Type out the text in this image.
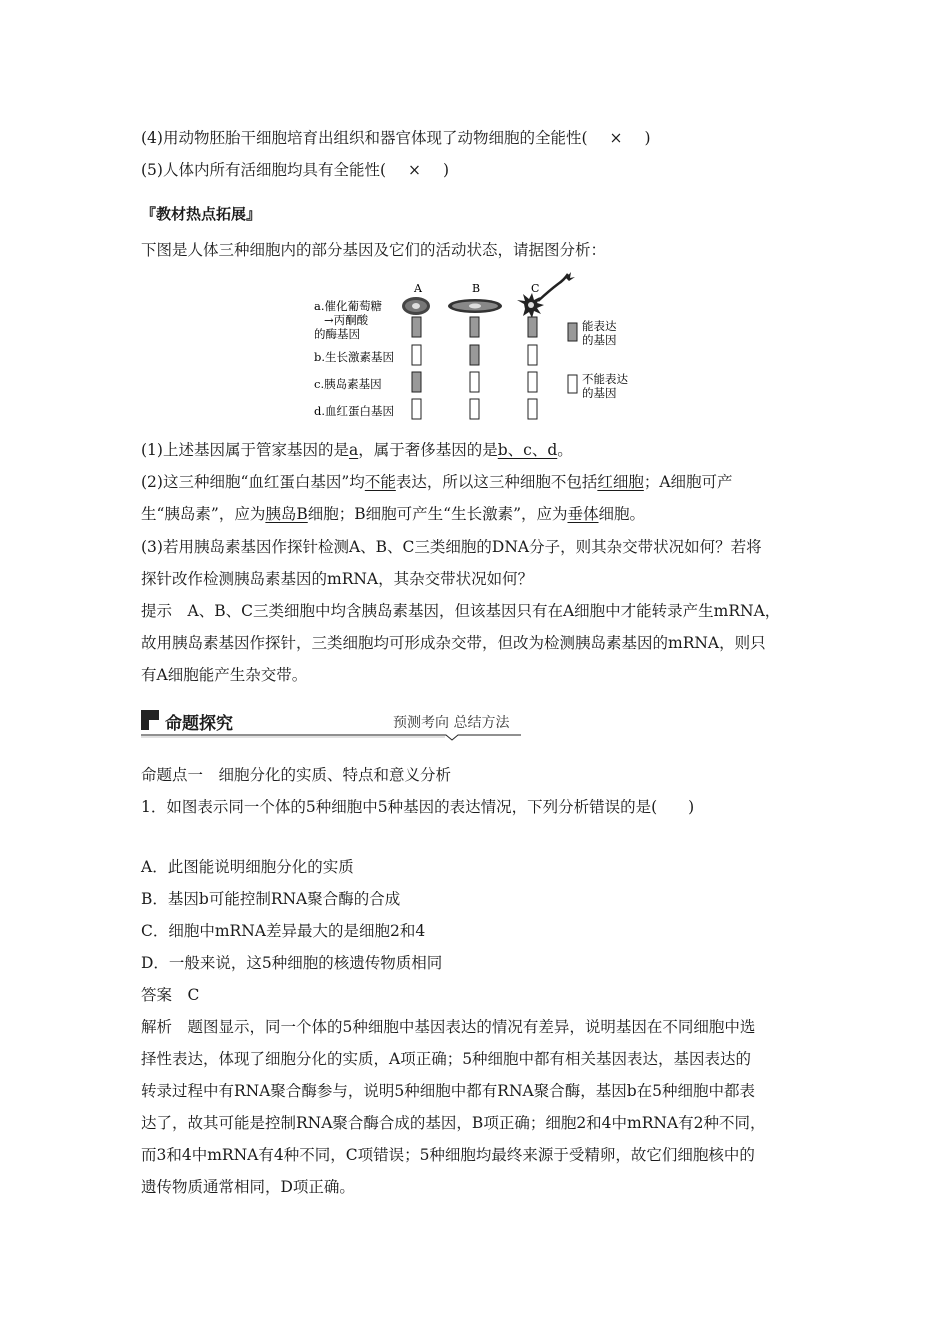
(4)用动物胚胎干细胞培育出组织和器官体现了动物细胞的全能性( × )
(5)人体内所有活细胞均具有全能性( × )
『教材热点拓展』
下图是人体三种细胞内的部分基因及它们的活动状态，请据图分析：
A	B	C
a.催化葡萄糖
→丙酮酸
的酶基因
b.生长激素基因
c.胰岛素基因
d.血红蛋白基因
能表达
的基因
不能表达
的基因
(1)上述基因属于管家基因的是a，属于奢侈基因的是b、c、d。
(2)这三种细胞“血红蛋白基因”均不能表达，所以这三种细胞不包括红细胞；A细胞可产
生“胰岛素”，应为胰岛B细胞；B细胞可产生“生长激素”，应为垂体细胞。
(3)若用胰岛素基因作探针检测A、B、C三类细胞的DNA分子，则其杂交带状况如何？若将
探针改作检测胰岛素基因的mRNA，其杂交带状况如何？
提示　A、B、C三类细胞中均含胰岛素基因，但该基因只有在A细胞中才能转录产生mRNA，
故用胰岛素基因作探针，三类细胞均可形成杂交带，但改为检测胰岛素基因的mRNA，则只
有A细胞能产生杂交带。
命题探究	预测考向 总结方法
命题点一　细胞分化的实质、特点和意义分析
1．如图表示同一个体的5种细胞中5种基因的表达情况，下列分析错误的是(　　)
A．此图能说明细胞分化的实质
B．基因b可能控制RNA聚合酶的合成
C．细胞中mRNA差异最大的是细胞2和4
D．一般来说，这5种细胞的核遗传物质相同
答案　C
解析　题图显示，同一个体的5种细胞中基因表达的情况有差异，说明基因在不同细胞中选
择性表达，体现了细胞分化的实质，A项正确；5种细胞中都有相关基因表达，基因表达的
转录过程中有RNA聚合酶参与，说明5种细胞中都有RNA聚合酶，基因b在5种细胞中都表
达了，故其可能是控制RNA聚合酶合成的基因，B项正确；细胞2和4中mRNA有2种不同，
而3和4中mRNA有4种不同，C项错误；5种细胞均最终来源于受精卵，故它们细胞核中的
遗传物质通常相同，D项正确。
